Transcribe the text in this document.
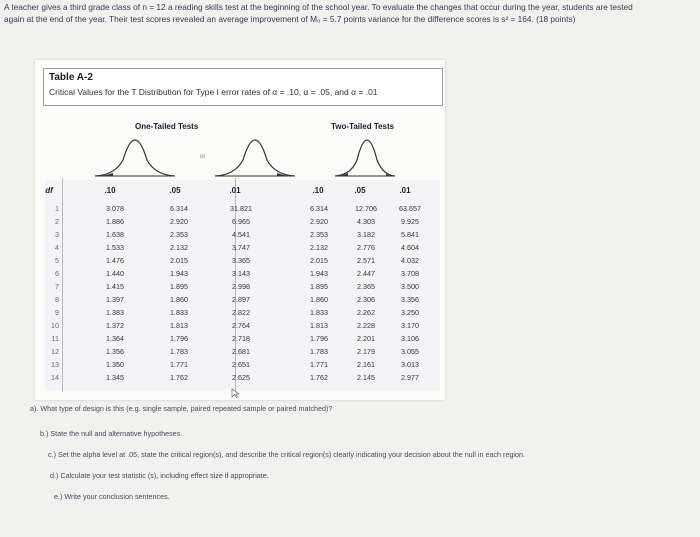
A teacher gives a third grade class of n = 12 a reading skills test at the beginning of the school year. To evaluate the changes that occur during the year, students are tested
again at the end of the year. Their test scores revealed an average improvement of M₀ = 5.7 points variance for the difference scores is s² = 164. (18 points)
Table A-2
Critical Values for the T Distribution for Type I error rates of α = .10, α = .05, and α = .01
One-Tailed Tests	Two-Tailed Tests
or
df	.10	.05	.01	.10	.05	.01
1	3.078	6.314	31.821	6.314	12.706	63.657
2	1.886	2.920	6.965	2.920	4.303	9.925
3	1.638	2.353	4.541	2.353	3.182	5.841
4	1.533	2.132	3.747	2.132	2.776	4.604
5	1.476	2.015	3.365	2.015	2.571	4.032
6	1.440	1.943	3.143	1.943	2.447	3.708
7	1.415	1.895	2.998	1.895	2.365	3.500
8	1.397	1.860	2.897	1.860	2.306	3.356
9	1.383	1.833	2.822	1.833	2.262	3.250
10	1.372	1.813	2.764	1.813	2.228	3.170
11	1.364	1.796	2.718	1.796	2.201	3.106
12	1.356	1.783	2.681	1.783	2.179	3.055
13	1.350	1.771	2.651	1.771	2.161	3.013
14	1.345	1.762	2.625	1.762	2.145	2.977
a). What type of design is this (e.g. single sample, paired repeated sample or paired matched)?
b.) State the null and alternative hypotheses.
c.) Set the alpha level at .05, state the critical region(s), and describe the critical region(s) clearly indicating your decision about the null in each region.
d.) Calculate your test statistic (s), including effect size if appropriate.
e.) Write your conclusion sentences.
